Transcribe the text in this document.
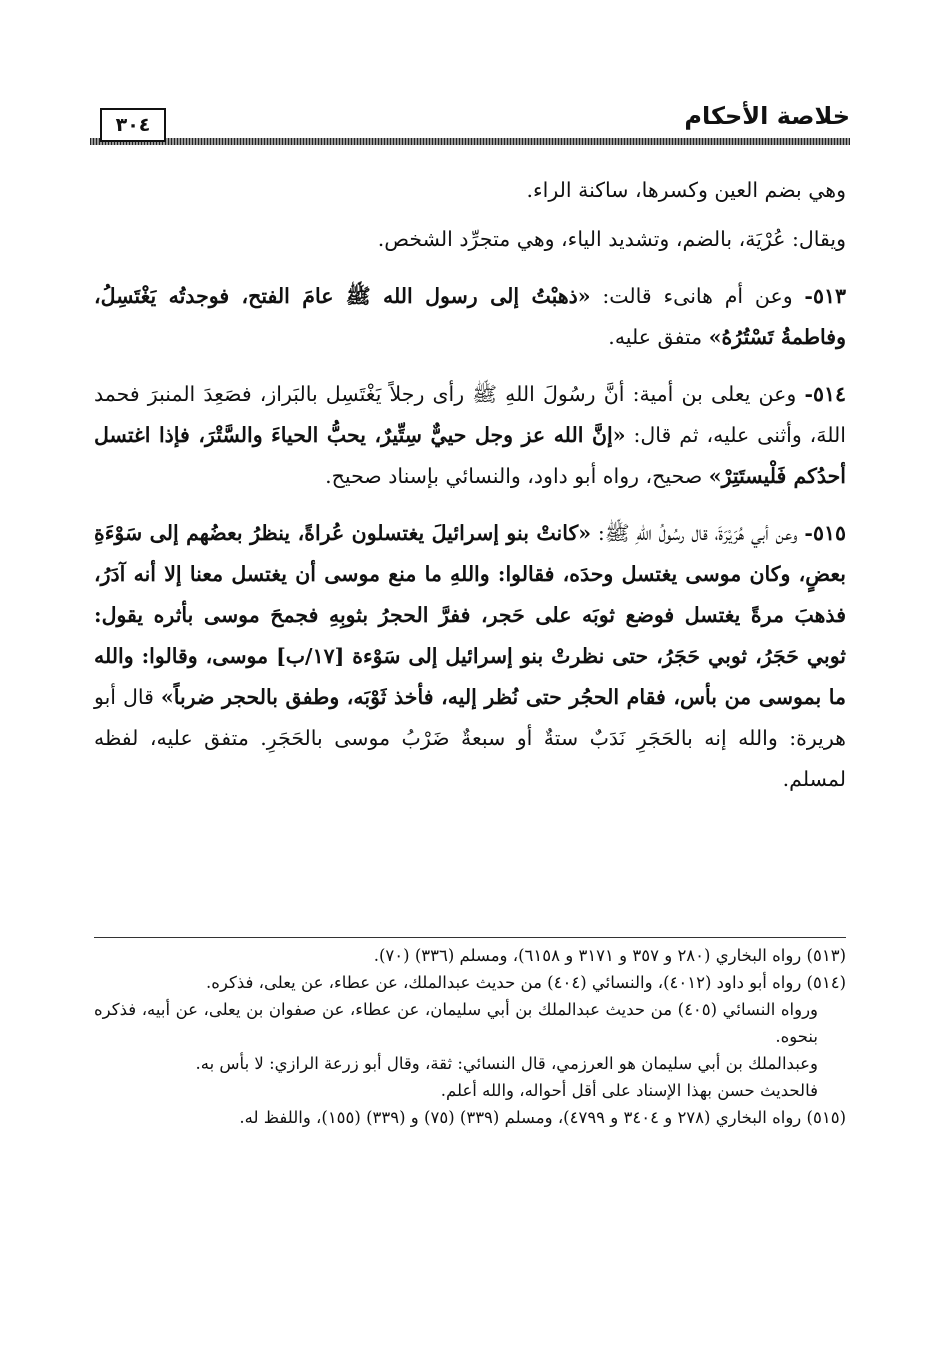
خلاصة الأحكام
٣٠٤

وهي بضم العين وكسرها، ساكنة الراء.

ويقال: عُرْيَة، بالضم، وتشديد الياء، وهي متجرِّد الشخص.

٥١٣- وعن أم هانىء قالت: «ذهبْتُ إلى رسول الله ﷺ عامَ الفتح، فوجدتُه يَغْتَسِلُ، وفاطمةُ تَسْتُرُهُ» متفق عليه.

٥١٤- وعن يعلى بن أمية: أنَّ رسُولَ اللهِ ﷺ رأى رجلاً يَغْتَسِل بالبَراز، فصَعِدَ المنبرَ فحمد اللهَ، وأثنى عليه، ثم قال: «إنَّ الله عز وجل حييٌّ سِتِّيرٌ، يحبُّ الحياءَ والسَّتْرَ، فإذا اغتسل أحدُكم فَلْيستَتِرْ» صحيح، رواه أبو داود، والنسائي بإسناد صحيح.

٥١٥- وعن أبي هُرَيْرَةَ، قال رسُولُ اللهِ ﷺ: «كانتْ بنو إسرائيلَ يغتسلون عُراةً، ينظرُ بعضُهم إلى سَوْءَةِ بعضٍ، وكان موسى يغتسل وحدَه، فقالوا: واللهِ ما منع موسى أن يغتسل معنا إلا أنه آدَرُ، فذهبَ مرةً يغتسل فوضع ثوبَه على حَجر، ففرَّ الحجرُ بثوبِهِ فجمحَ موسى بأثره يقول: ثوبي حَجَرُ، ثوبي حَجَرُ، حتى نظرتْ بنو إسرائيل إلى سَوْءة [١٧/ب] موسى، وقالوا: والله ما بموسى من بأس، فقام الحجُر حتى نُظر إليه، فأخذ ثَوْبَه، وطفق بالحجر ضرباً» قال أبو هريرة: والله إنه بالحَجَرِ نَدَبٌ ستةٌ أو سبعةٌ ضَرْبُ موسى بالحَجَرِ. متفق عليه، لفظه لمسلم.

(٥١٣) رواه البخاري (٢٨٠ و ٣٥٧ و ٣١٧١ و ٦١٥٨)، ومسلم (٣٣٦) (٧٠).

(٥١٤) رواه أبو داود (٤٠١٢)، والنسائي (٤٠٤) من حديث عبدالملك، عن عطاء، عن يعلى، فذكره.

ورواه النسائي (٤٠٥) من حديث عبدالملك بن أبي سليمان، عن عطاء، عن صفوان بن يعلى، عن أبيه، فذكره بنحوه.

وعبدالملك بن أبي سليمان هو العرزمي، قال النسائي: ثقة، وقال أبو زرعة الرازي: لا بأس به.

فالحديث حسن بهذا الإسناد على أقل أحواله، والله أعلم.

(٥١٥) رواه البخاري (٢٧٨ و ٣٤٠٤ و ٤٧٩٩)، ومسلم (٣٣٩) (٧٥) و (٣٣٩) (١٥٥)، واللفظ له.
